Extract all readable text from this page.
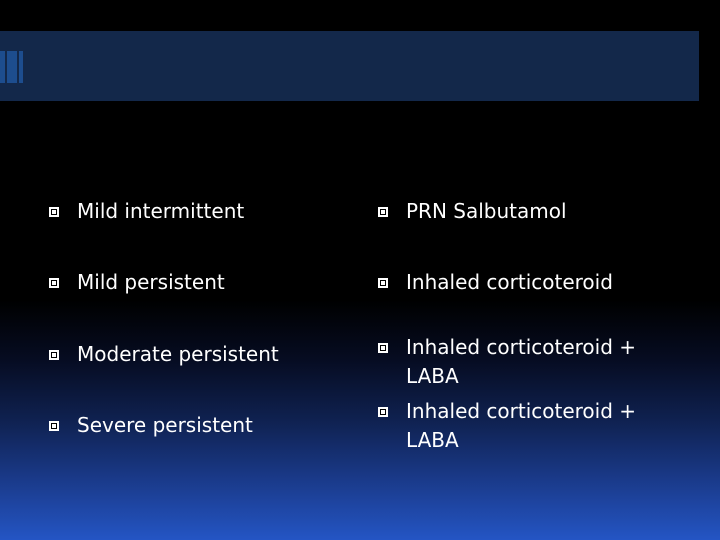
Mild intermittent
Mild persistent
Moderate persistent
Severe persistent
PRN Salbutamol
Inhaled corticoteroid
Inhaled corticoteroid +
LABA
Inhaled corticoteroid +
LABA
